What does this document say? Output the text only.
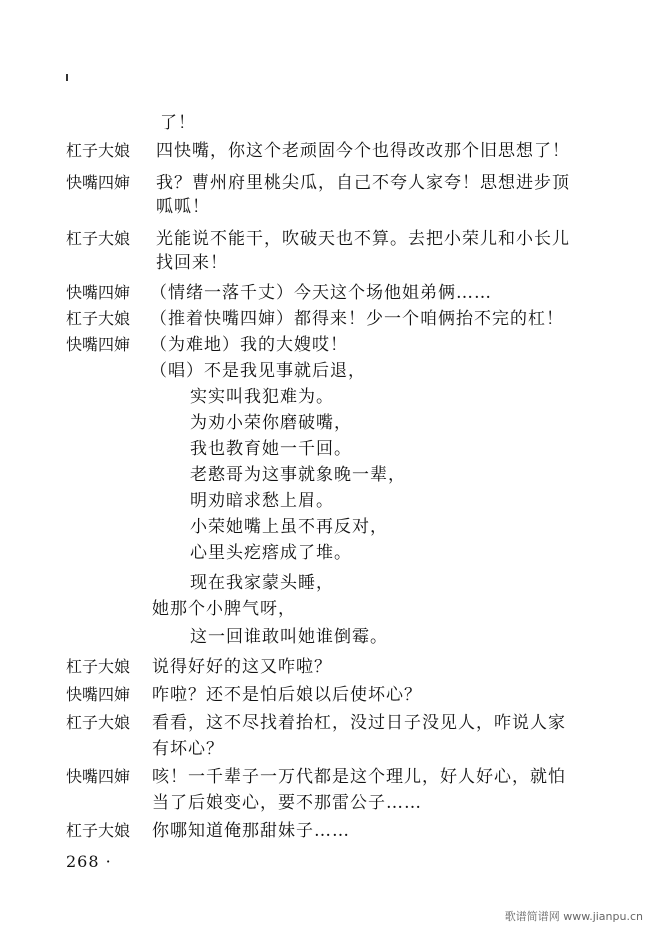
了！
杠子大娘	四快嘴，你这个老顽固今个也得改改那个旧思想了！
快嘴四婶	我？曹州府里桃尖瓜，自己不夸人家夸！思想进步顶
呱呱！
杠子大娘	光能说不能干，吹破天也不算。去把小荣儿和小长儿
找回来！
快嘴四婶	（情绪一落千丈）今天这个场他姐弟俩……
杠子大娘	（推着快嘴四婶）都得来！少一个咱俩抬不完的杠！
快嘴四婶	（为难地）我的大嫂哎！
（唱）不是我见事就后退，
实实叫我犯难为。
为劝小荣你磨破嘴，
我也教育她一千回。
老憨哥为这事就象晚一辈，
明劝暗求愁上眉。
小荣她嘴上虽不再反对，
心里头疙瘩成了堆。
现在我家蒙头睡，
她那个小脾气呀，
这一回谁敢叫她谁倒霉。
杠子大娘	说得好好的这又咋啦？
快嘴四婶	咋啦？还不是怕后娘以后使坏心？
杠子大娘	看看，这不尽找着抬杠，没过日子没见人，咋说人家
有坏心？
快嘴四婶	咳！一千辈子一万代都是这个理儿，好人好心，就怕
当了后娘变心，要不那雷公子……
杠子大娘	你哪知道俺那甜妹子……
268 ·
歌谱简谱网 www.jianpu.cn
